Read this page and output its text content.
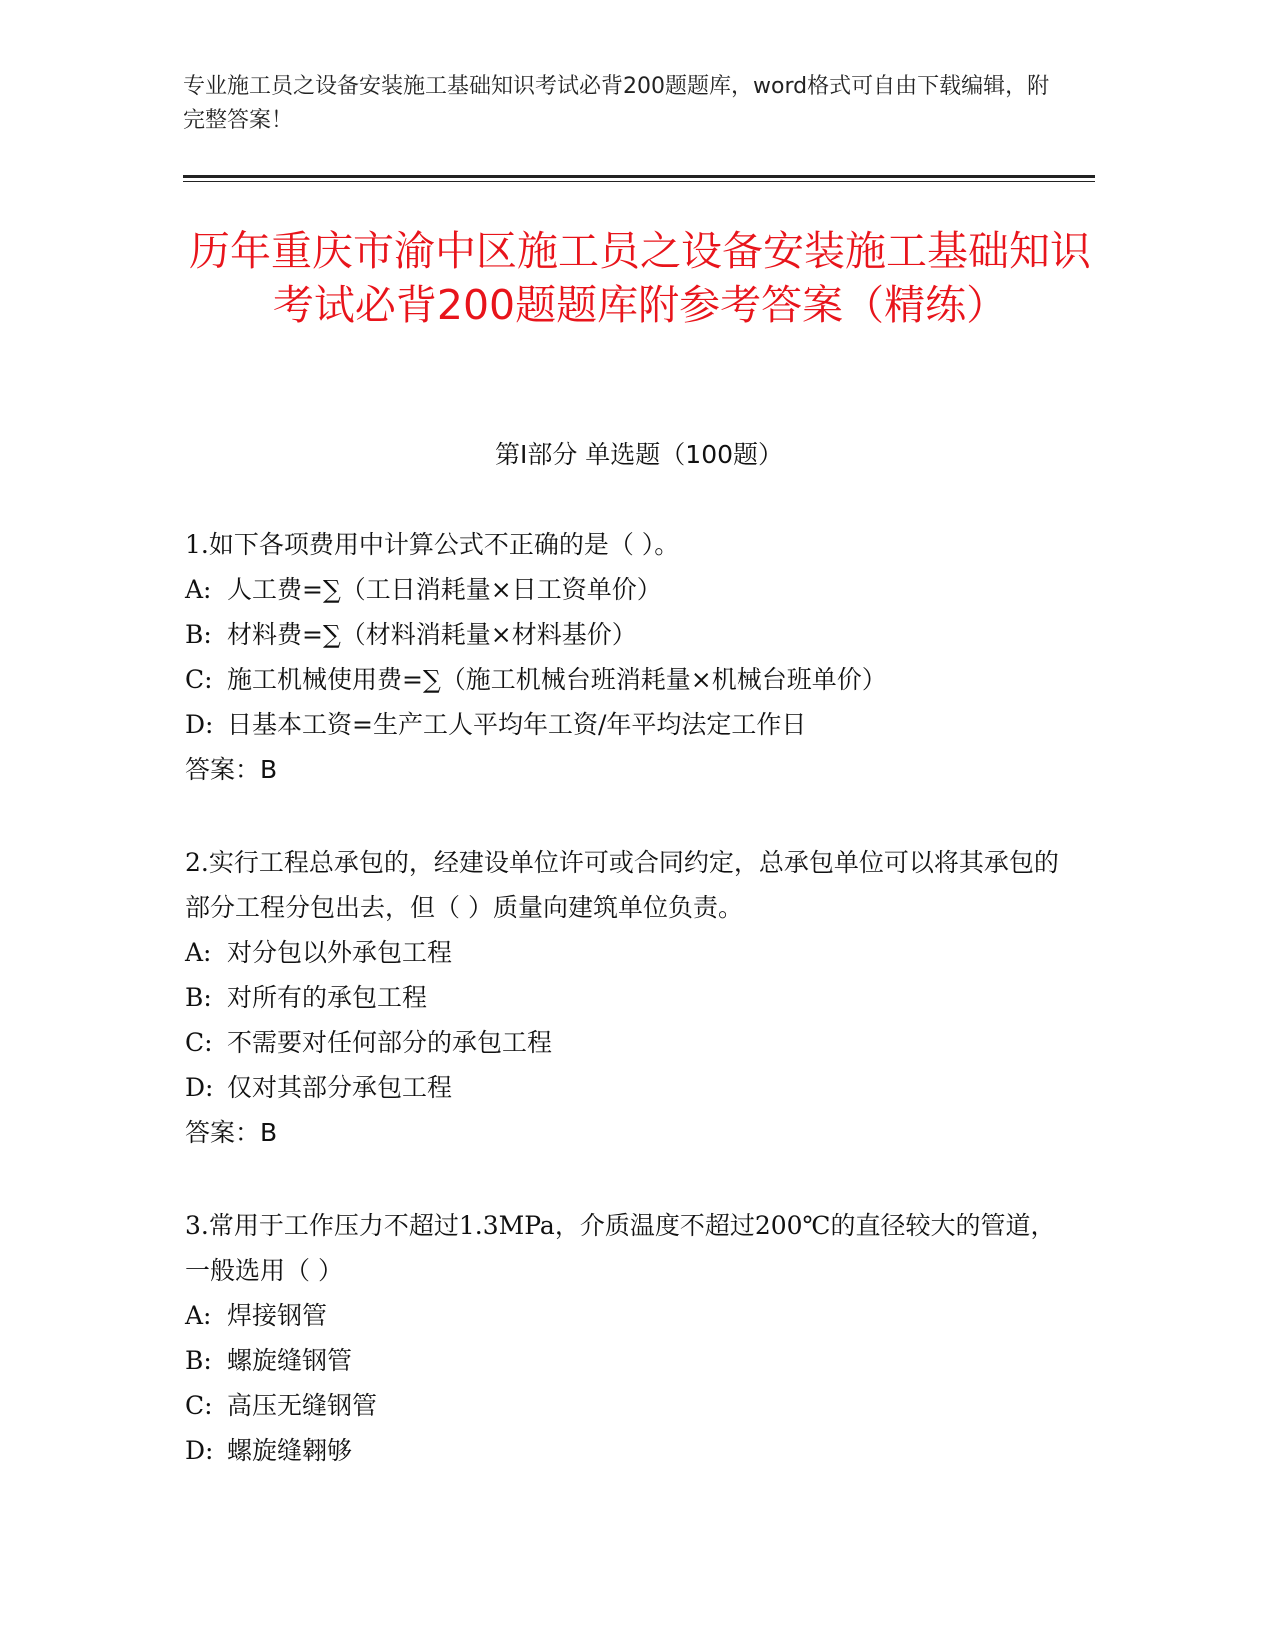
专业施工员之设备安装施工基础知识考试必背200题题库，word格式可自由下载编辑，附完整答案！
历年重庆市渝中区施工员之设备安装施工基础知识考试必背200题题库附参考答案（精练）
第Ⅰ部分 单选题（100题）
1.如下各项费用中计算公式不正确的是（ ）。
A: 人工费=∑（工日消耗量×日工资单价）
B: 材料费=∑（材料消耗量×材料基价）
C: 施工机械使用费=∑（施工机械台班消耗量×机械台班单价）
D: 日基本工资=生产工人平均年工资/年平均法定工作日
答案：B
2.实行工程总承包的，经建设单位许可或合同约定，总承包单位可以将其承包的部分工程分包出去，但（ ）质量向建筑单位负责。
A: 对分包以外承包工程
B: 对所有的承包工程
C: 不需要对任何部分的承包工程
D: 仅对其部分承包工程
答案：B
3.常用于工作压力不超过1.3MPa，介质温度不超过200℃的直径较大的管道，一般选用（ ）
A: 焊接钢管
B: 螺旋缝钢管
C: 高压无缝钢管
D: 螺旋缝翱够
